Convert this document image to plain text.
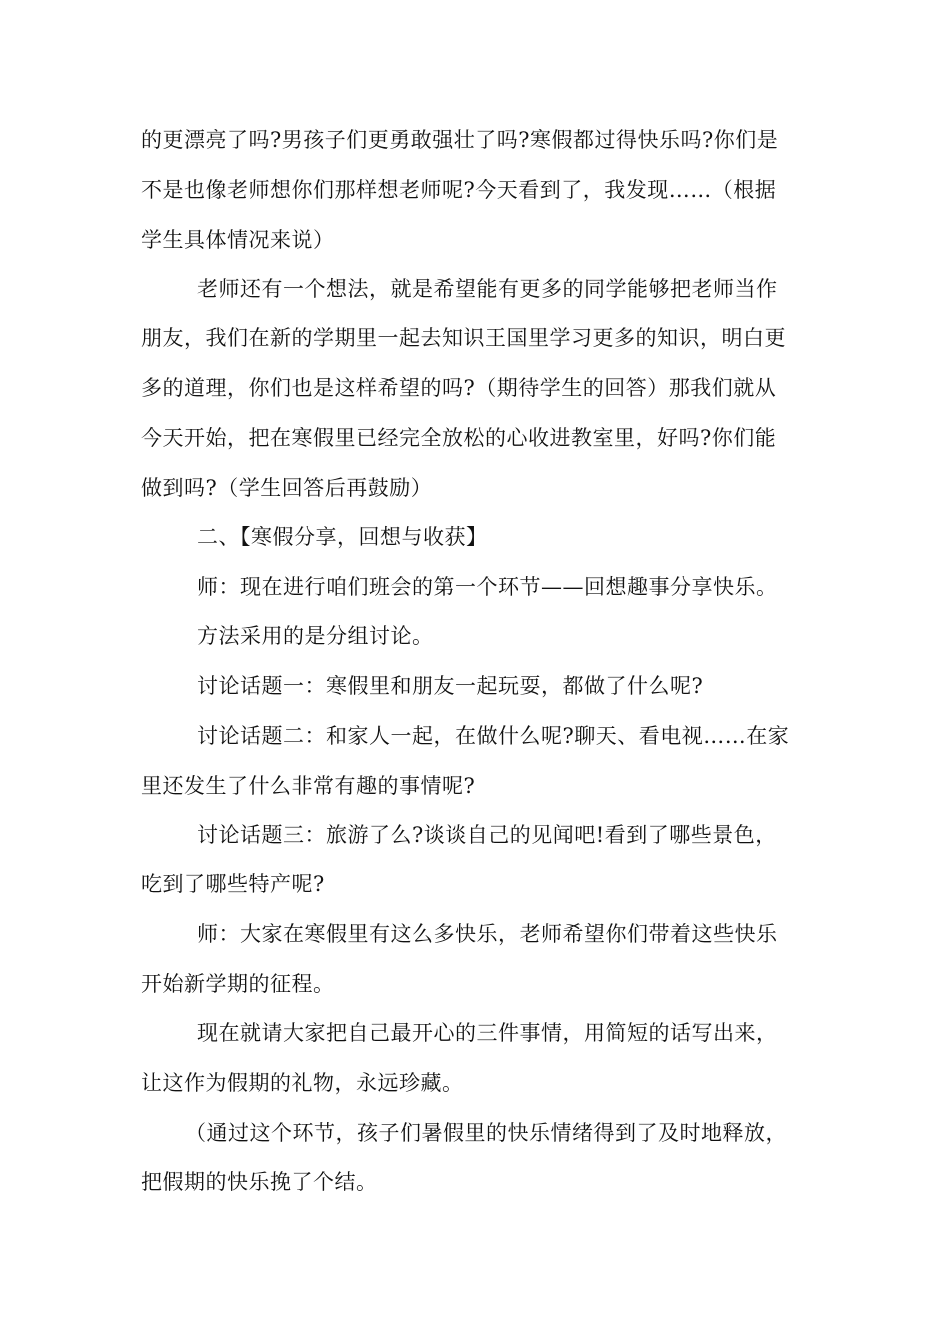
的更漂亮了吗?男孩子们更勇敢强壮了吗?寒假都过得快乐吗?你们是
不是也像老师想你们那样想老师呢?今天看到了，我发现……（根据
学生具体情况来说）
老师还有一个想法，就是希望能有更多的同学能够把老师当作
朋友，我们在新的学期里一起去知识王国里学习更多的知识，明白更
多的道理，你们也是这样希望的吗?（期待学生的回答）那我们就从
今天开始，把在寒假里已经完全放松的心收进教室里，好吗?你们能
做到吗?（学生回答后再鼓励）
二、【寒假分享，回想与收获】
师：现在进行咱们班会的第一个环节——回想趣事分享快乐。
方法采用的是分组讨论。
讨论话题一：寒假里和朋友一起玩耍，都做了什么呢?
讨论话题二：和家人一起，在做什么呢?聊天、看电视……在家
里还发生了什么非常有趣的事情呢?
讨论话题三：旅游了么?谈谈自己的见闻吧!看到了哪些景色，
吃到了哪些特产呢?
师：大家在寒假里有这么多快乐，老师希望你们带着这些快乐
开始新学期的征程。
现在就请大家把自己最开心的三件事情，用简短的话写出来，
让这作为假期的礼物，永远珍藏。
（通过这个环节，孩子们暑假里的快乐情绪得到了及时地释放，
把假期的快乐挽了个结。
